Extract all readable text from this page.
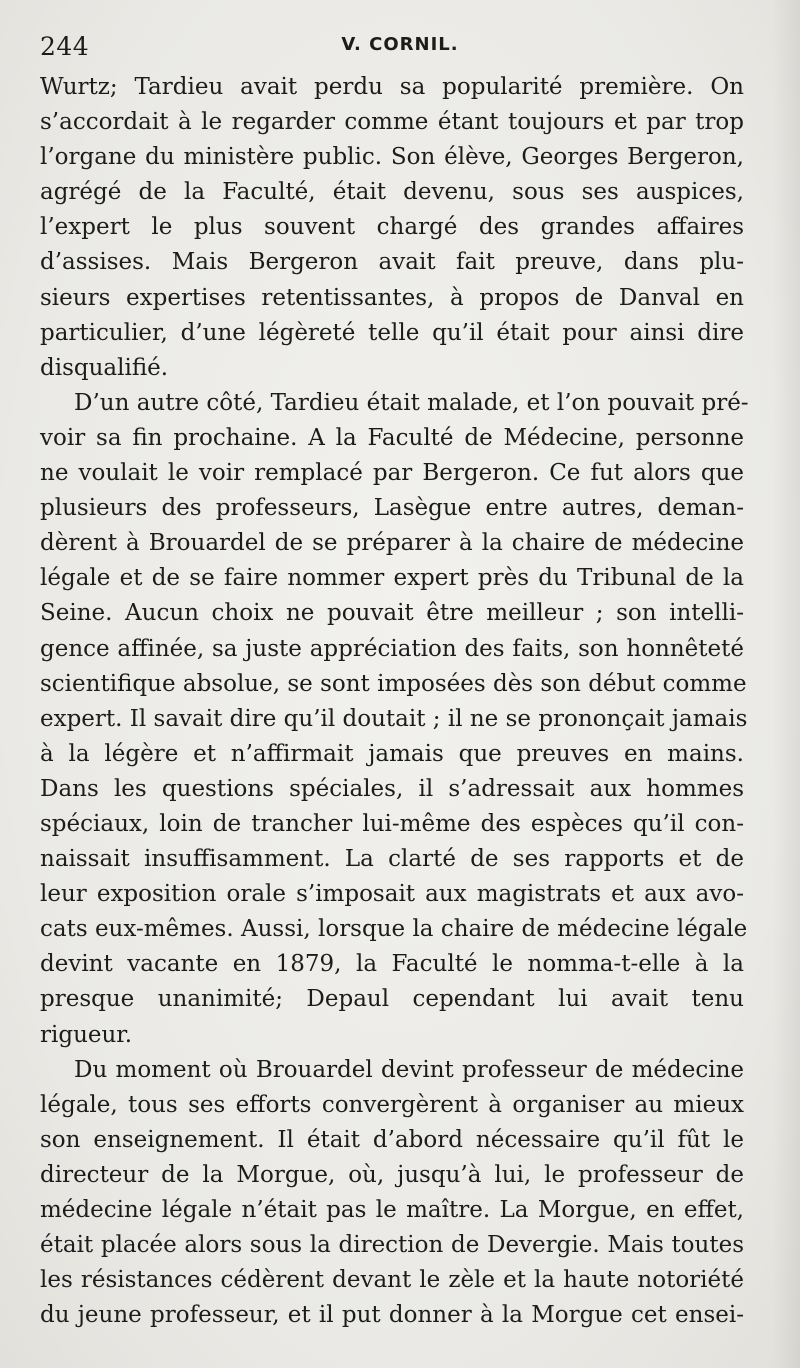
244	V. CORNIL.
Wurtz; Tardieu avait perdu sa popularité première. On
s’accordait à le regarder comme étant toujours et par trop
l’organe du ministère public. Son élève, Georges Bergeron,
agrégé de la Faculté, était devenu, sous ses auspices,
l’expert le plus souvent chargé des grandes affaires
d’assises. Mais Bergeron avait fait preuve, dans plu-
sieurs expertises retentissantes, à propos de Danval en
particulier, d’une légèreté telle qu’il était pour ainsi dire
disqualifié.
D’un autre côté, Tardieu était malade, et l’on pouvait pré-
voir sa fin prochaine. A la Faculté de Médecine, personne
ne voulait le voir remplacé par Bergeron. Ce fut alors que
plusieurs des professeurs, Lasègue entre autres, deman-
dèrent à Brouardel de se préparer à la chaire de médecine
légale et de se faire nommer expert près du Tribunal de la
Seine. Aucun choix ne pouvait être meilleur ; son intelli-
gence affinée, sa juste appréciation des faits, son honnêteté
scientifique absolue, se sont imposées dès son début comme
expert. Il savait dire qu’il doutait ; il ne se prononçait jamais
à la légère et n’affirmait jamais que preuves en mains.
Dans les questions spéciales, il s’adressait aux hommes
spéciaux, loin de trancher lui-même des espèces qu’il con-
naissait insuffisamment. La clarté de ses rapports et de
leur exposition orale s’imposait aux magistrats et aux avo-
cats eux-mêmes. Aussi, lorsque la chaire de médecine légale
devint vacante en 1879, la Faculté le nomma-t-elle à la
presque unanimité; Depaul cependant lui avait tenu
rigueur.
Du moment où Brouardel devint professeur de médecine
légale, tous ses efforts convergèrent à organiser au mieux
son enseignement. Il était d’abord nécessaire qu’il fût le
directeur de la Morgue, où, jusqu’à lui, le professeur de
médecine légale n’était pas le maître. La Morgue, en effet,
était placée alors sous la direction de Devergie. Mais toutes
les résistances cédèrent devant le zèle et la haute notoriété
du jeune professeur, et il put donner à la Morgue cet ensei-
